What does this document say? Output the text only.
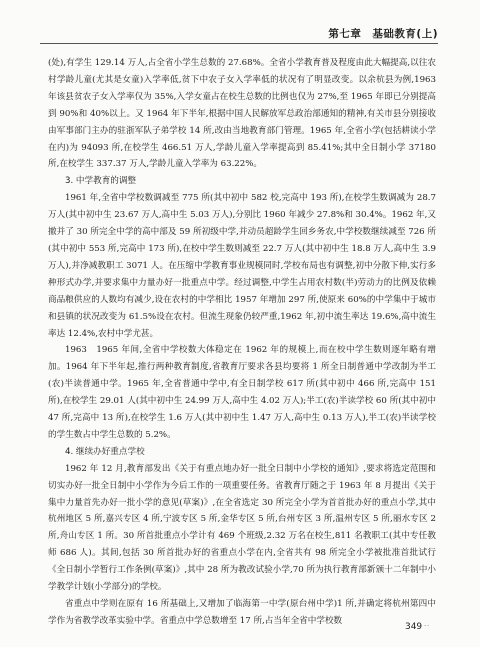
第七章　基础教育(上)

(处),有学生 129.14 万人,占全省小学生总数的 27.68%。全省小学教育普及程度由此大幅提高,以往农村学龄儿童(尤其是女童)入学率低,贫下中农子女入学率低的状况有了明显改变。以余杭县为例,1963 年该县贫农子女入学率仅为 35%,入学女童占在校生总数的比例也仅为 27%,至 1965 年即已分别提高到 90%和 40%以上。又 1964 年下半年,根据中国人民解放军总政治部通知的精神,有关市县分别接收由军事部门主办的驻浙军队子弟学校 14 所,改由当地教育部门管理。1965 年,全省小学(包括耕读小学在内)为 94093 所,在校学生 466.51 万人,学龄儿童入学率提高到 85.41%;其中全日制小学 37180 所,在校学生 337.37 万人,学龄儿童入学率为 63.22%。

3. 中学教育的调整

1961 年,全省中学校数调减至 775 所(其中初中 582 校,完高中 193 所),在校学生数调减为 28.7 万人(其中初中生 23.67 万人,高中生 5.03 万人),分别比 1960 年减少 27.8%和 30.4%。1962 年,又撤并了 30 所完全中学的高中部及 59 所初级中学,并动员超龄学生回乡务农,中学校数继续减至 726 所(其中初中 553 所,完高中 173 所),在校中学生数则减至 22.7 万人(其中初中生 18.8 万人,高中生 3.9 万人),并净减教职工 3071 人。在压缩中学教育事业规模同时,学校布局也有调整,初中分散下伸,实行多种形式办学,并要求集中力量办好一批重点中学。经过调整,中学生占用农村数(半)劳动力的比例及依赖商品粮供应的人数均有减少,设在农村的中学相比 1957 年增加 297 所,使原来 60%的中学集中于城市和县镇的状况改变为 61.5%设在农村。但流生现象仍较严重,1962 年,初中流生率达 19.6%,高中流生率达 12.4%,农村中学尤甚。

1963　1965 年间,全省中学校数大体稳定在 1962 年的规模上,而在校中学生数则逐年略有增加。1964 年下半年起,推行两种教育制度,省教育厅要求各县均要将 1 所全日制普通中学改制为半工(农)半读普通中学。1965 年,全省普通中学中,有全日制学校 617 所(其中初中 466 所,完高中 151 所),在校学生 29.01 人(其中初中生 24.99 万人,高中生 4.02 万人);半工(农)半读学校 60 所(其中初中 47 所,完高中 13 所),在校学生 1.6 万人(其中初中生 1.47 万人,高中生 0.13 万人),半工(农)半读学校的学生数占中学生总数的 5.2%。

4. 继续办好重点学校

1962 年 12 月,教育部发出《关于有重点地办好一批全日制中小学校的通知》,要求将选定范围和切实办好一批全日制中小学作为今后工作的一项重要任务。省教育厅随之于 1963 年 8 月提出《关于集中力量首先办好一批小学的意见(草案)》,在全省选定 30 所完全小学为首首批办好的重点小学,其中杭州地区 5 所,嘉兴专区 4 所,宁波专区 5 所,金华专区 5 所,台州专区 3 所,温州专区 5 所,丽水专区 2 所,舟山专区 1 所。30 所首批重点小学计有 469 个班级,2.32 万名在校生,811 名教职工(其中专任教师 686 人)。其间,包括 30 所首批办好的省重点小学在内,全省共有 98 所完全小学被批准首批试行《全日制小学暂行工作条例(草案)》,其中 28 所为教改试验小学,70 所为执行教育部新颁十二年制中小学教学计划(小学部分)的学校。

省重点中学则在原有 16 所基础上,又增加了临海第一中学(原台州中学)1 所,并确定将杭州第四中学作为省教学改革实验中学。省重点中学总数增至 17 所,占当年全省中学校数

349 ··
